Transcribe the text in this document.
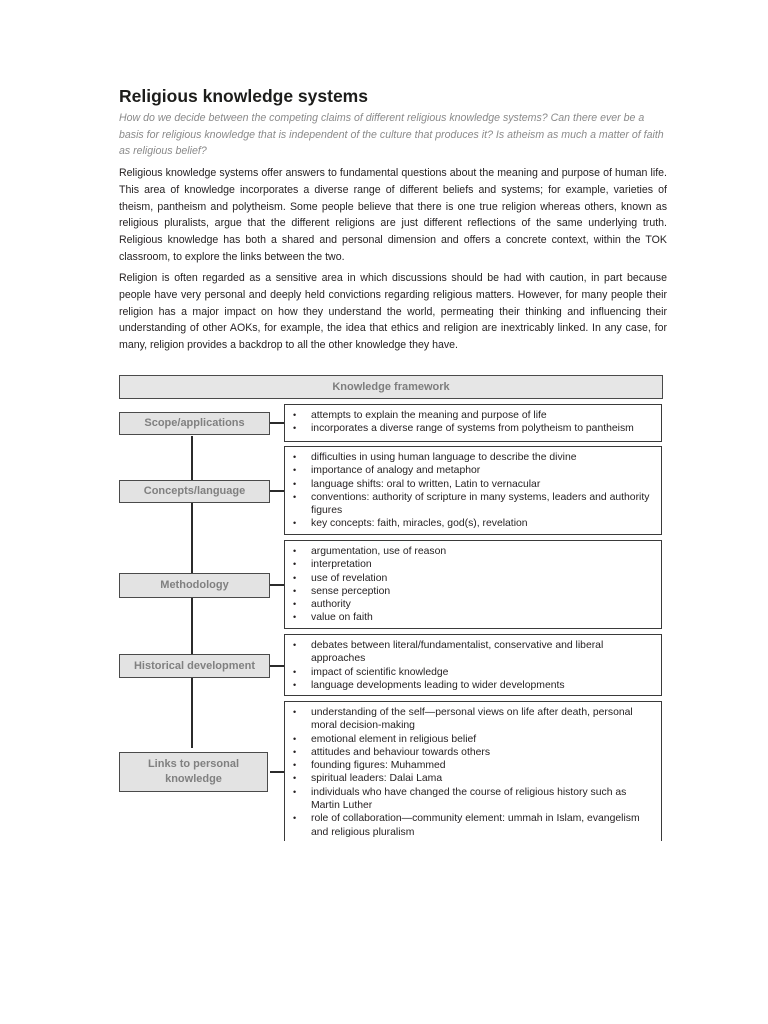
Religious knowledge systems
How do we decide between the competing claims of different religious knowledge systems? Can there ever be a basis for religious knowledge that is independent of the culture that produces it? Is atheism as much a matter of faith as religious belief?
Religious knowledge systems offer answers to fundamental questions about the meaning and purpose of human life. This area of knowledge incorporates a diverse range of different beliefs and systems; for example, varieties of theism, pantheism and polytheism. Some people believe that there is one true religion whereas others, known as religious pluralists, argue that the different religions are just different reflections of the same underlying truth. Religious knowledge has both a shared and personal dimension and offers a concrete context, within the TOK classroom, to explore the links between the two.
Religion is often regarded as a sensitive area in which discussions should be had with caution, in part because people have very personal and deeply held convictions regarding religious matters. However, for many people their religion has a major impact on how they understand the world, permeating their thinking and influencing their understanding of other AOKs, for example, the idea that ethics and religion are inextricably linked. In any case, for many, religion provides a backdrop to all the other knowledge they have.
Knowledge framework
Scope/applications
• attempts to explain the meaning and purpose of life
• incorporates a diverse range of systems from polytheism to pantheism
Concepts/language
• difficulties in using human language to describe the divine
• importance of analogy and metaphor
• language shifts: oral to written, Latin to vernacular
• conventions: authority of scripture in many systems, leaders and authority figures
• key concepts: faith, miracles, god(s), revelation
Methodology
• argumentation, use of reason
• interpretation
• use of revelation
• sense perception
• authority
• value on faith
Historical development
• debates between literal/fundamentalist, conservative and liberal approaches
• impact of scientific knowledge
• language developments leading to wider developments
Links to personal knowledge
• understanding of the self—personal views on life after death, personal moral decision-making
• emotional element in religious belief
• attitudes and behaviour towards others
• founding figures: Muhammed
• spiritual leaders: Dalai Lama
• individuals who have changed the course of religious history such as Martin Luther
• role of collaboration—community element: ummah in Islam, evangelism and religious pluralism
